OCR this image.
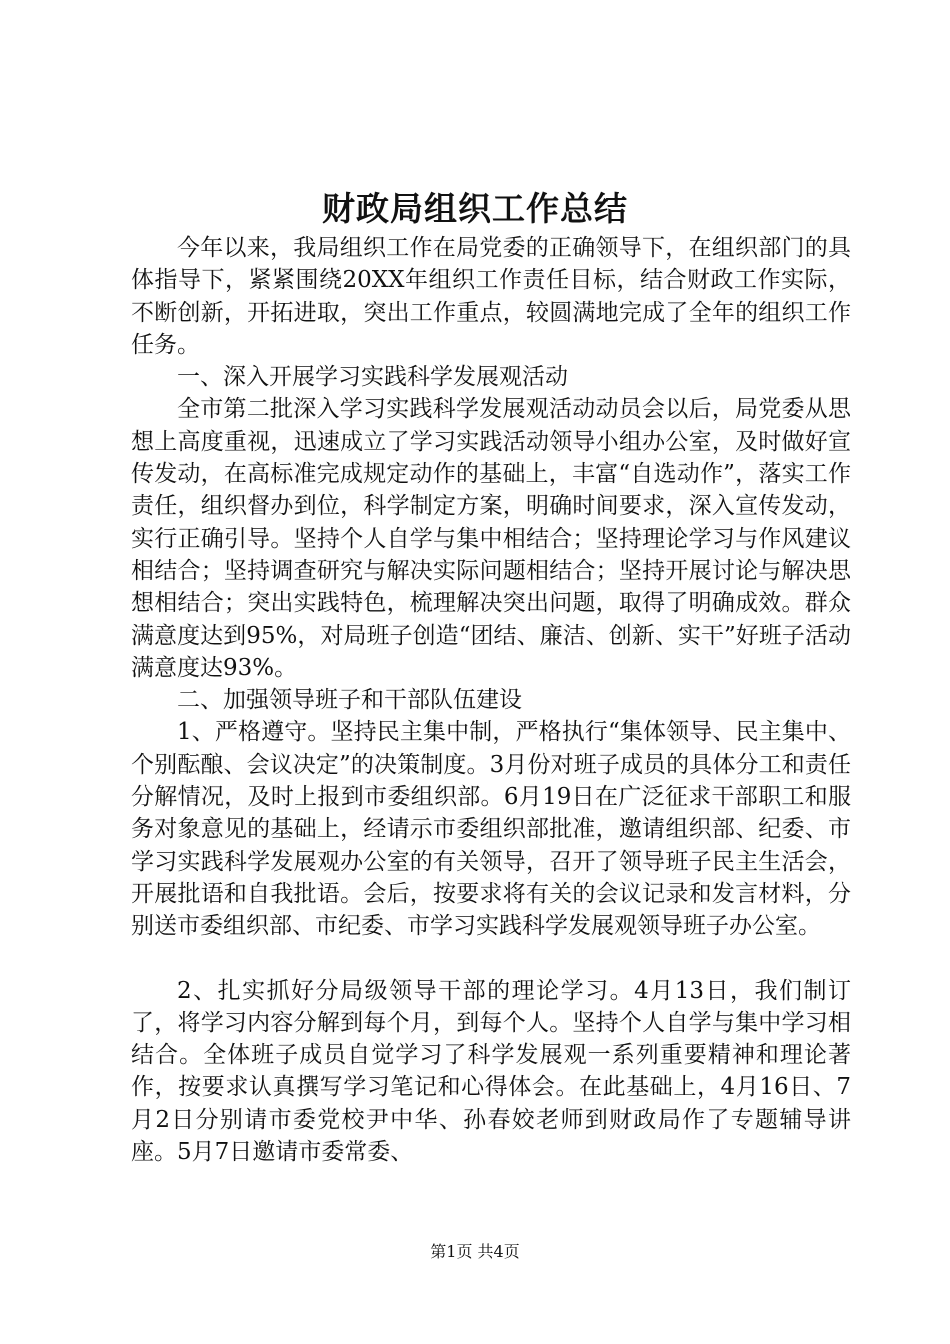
财政局组织工作总结

今年以来，我局组织工作在局党委的正确领导下，在组织部门的具体指导下，紧紧围绕20XX年组织工作责任目标，结合财政工作实际，不断创新，开拓进取，突出工作重点，较圆满地完成了全年的组织工作任务。

一、深入开展学习实践科学发展观活动

全市第二批深入学习实践科学发展观活动动员会以后，局党委从思想上高度重视，迅速成立了学习实践活动领导小组办公室，及时做好宣传发动，在高标准完成规定动作的基础上，丰富“自选动作”，落实工作责任，组织督办到位，科学制定方案，明确时间要求，深入宣传发动，实行正确引导。坚持个人自学与集中相结合；坚持理论学习与作风建议相结合；坚持调查研究与解决实际问题相结合；坚持开展讨论与解决思想相结合；突出实践特色，梳理解决突出问题，取得了明确成效。群众满意度达到95%，对局班子创造“团结、廉洁、创新、实干”好班子活动满意度达93%。

二、加强领导班子和干部队伍建设

1、严格遵守。坚持民主集中制，严格执行“集体领导、民主集中、个别酝酿、会议决定”的决策制度。3月份对班子成员的具体分工和责任分解情况，及时上报到市委组织部。6月19日在广泛征求干部职工和服务对象意见的基础上，经请示市委组织部批准，邀请组织部、纪委、市学习实践科学发展观办公室的有关领导，召开了领导班子民主生活会，开展批语和自我批语。会后，按要求将有关的会议记录和发言材料，分别送市委组织部、市纪委、市学习实践科学发展观领导班子办公室。

2、扎实抓好分局级领导干部的理论学习。4月13日，我们制订了，将学习内容分解到每个月，到每个人。坚持个人自学与集中学习相结合。全体班子成员自觉学习了科学发展观一系列重要精神和理论著作，按要求认真撰写学习笔记和心得体会。在此基础上，4月16日、7月2日分别请市委党校尹中华、孙春姣老师到财政局作了专题辅导讲座。5月7日邀请市委常委、

第1页 共4页
